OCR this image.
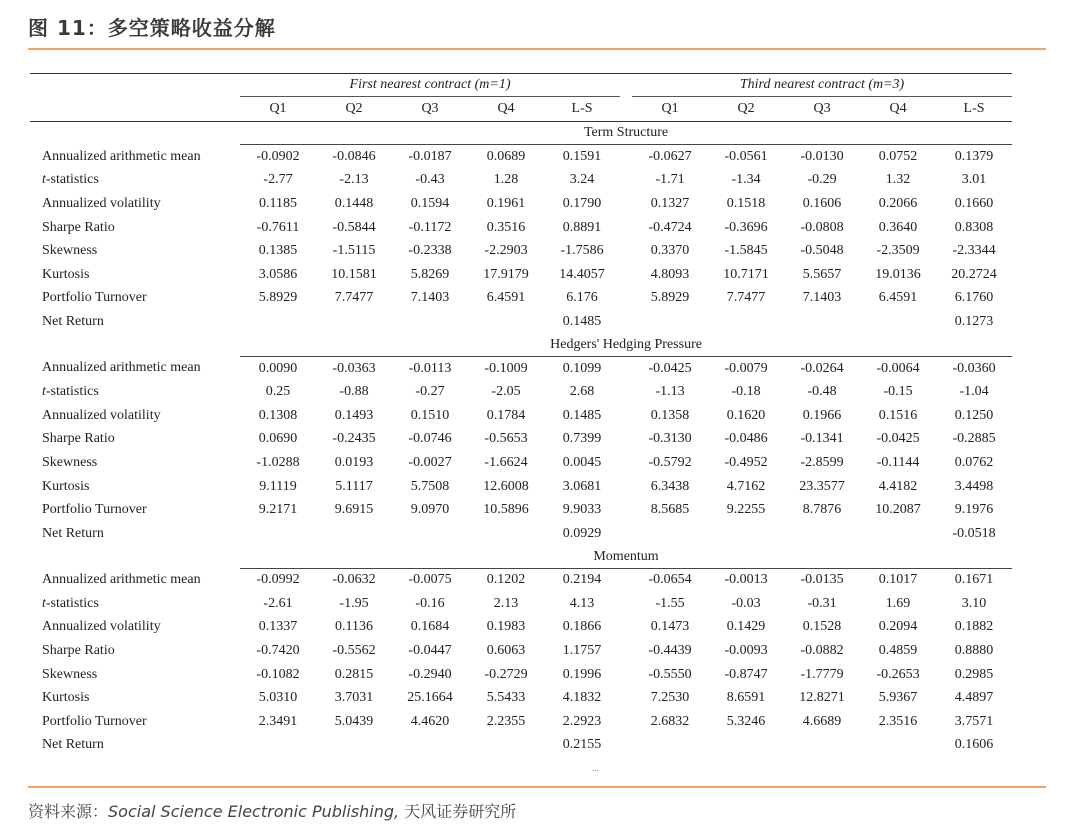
图 11：多空策略收益分解
	First nearest contract (m=1)						Third nearest contract (m=3)				
	Q1	Q2	Q3	Q4	L-S		Q1	Q2	Q3	Q4	L-S
	Term Structure										
Annualized arithmetic mean	-0.0902	-0.0846	-0.0187	0.0689	0.1591		-0.0627	-0.0561	-0.0130	0.0752	0.1379
t-statistics	-2.77	-2.13	-0.43	1.28	3.24		-1.71	-1.34	-0.29	1.32	3.01
Annualized volatility	0.1185	0.1448	0.1594	0.1961	0.1790		0.1327	0.1518	0.1606	0.2066	0.1660
Sharpe Ratio	-0.7611	-0.5844	-0.1172	0.3516	0.8891		-0.4724	-0.3696	-0.0808	0.3640	0.8308
Skewness	0.1385	-1.5115	-0.2338	-2.2903	-1.7586		0.3370	-1.5845	-0.5048	-2.3509	-2.3344
Kurtosis	3.0586	10.1581	5.8269	17.9179	14.4057		4.8093	10.7171	5.5657	19.0136	20.2724
Portfolio Turnover	5.8929	7.7477	7.1403	6.4591	6.176		5.8929	7.7477	7.1403	6.4591	6.1760
Net Return					0.1485						0.1273
	Hedgers' Hedging Pressure										
Annualized arithmetic mean	0.0090	-0.0363	-0.0113	-0.1009	0.1099		-0.0425	-0.0079	-0.0264	-0.0064	-0.0360
t-statistics	0.25	-0.88	-0.27	-2.05	2.68		-1.13	-0.18	-0.48	-0.15	-1.04
Annualized volatility	0.1308	0.1493	0.1510	0.1784	0.1485		0.1358	0.1620	0.1966	0.1516	0.1250
Sharpe Ratio	0.0690	-0.2435	-0.0746	-0.5653	0.7399		-0.3130	-0.0486	-0.1341	-0.0425	-0.2885
Skewness	-1.0288	0.0193	-0.0027	-1.6624	0.0045		-0.5792	-0.4952	-2.8599	-0.1144	0.0762
Kurtosis	9.1119	5.1117	5.7508	12.6008	3.0681		6.3438	4.7162	23.3577	4.4182	3.4498
Portfolio Turnover	9.2171	9.6915	9.0970	10.5896	9.9033		8.5685	9.2255	8.7876	10.2087	9.1976
Net Return					0.0929						-0.0518
	Momentum										
Annualized arithmetic mean	-0.0992	-0.0632	-0.0075	0.1202	0.2194		-0.0654	-0.0013	-0.0135	0.1017	0.1671
t-statistics	-2.61	-1.95	-0.16	2.13	4.13		-1.55	-0.03	-0.31	1.69	3.10
Annualized volatility	0.1337	0.1136	0.1684	0.1983	0.1866		0.1473	0.1429	0.1528	0.2094	0.1882
Sharpe Ratio	-0.7420	-0.5562	-0.0447	0.6063	1.1757		-0.4439	-0.0093	-0.0882	0.4859	0.8880
Skewness	-0.1082	0.2815	-0.2940	-0.2729	0.1996		-0.5550	-0.8747	-1.7779	-0.2653	0.2985
Kurtosis	5.0310	3.7031	25.1664	5.5433	4.1832		7.2530	8.6591	12.8271	5.9367	4.4897
Portfolio Turnover	2.3491	5.0439	4.4620	2.2355	2.2923		2.6832	5.3246	4.6689	2.3516	3.7571
Net Return					0.2155						0.1606
...
资料来源：Social Science Electronic Publishing, 天风证券研究所
